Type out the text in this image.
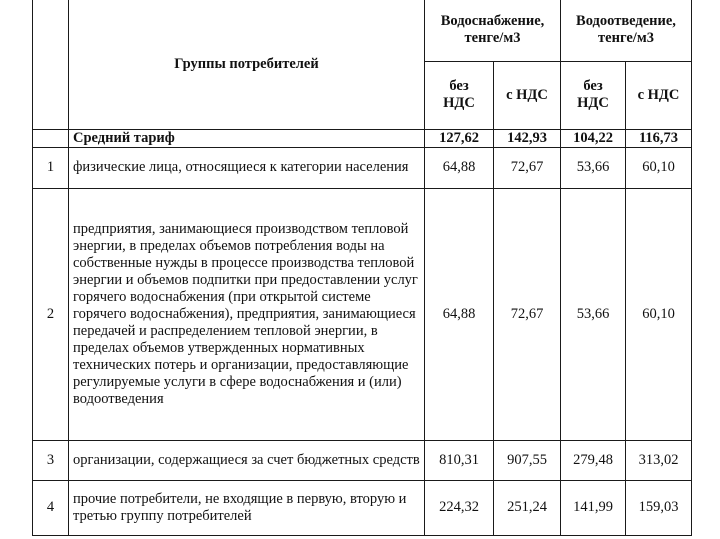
	Группы потребителей	Водоснабжение, тенге/м3		Водоотведение, тенге/м3	
		без НДС	с НДС	без НДС	с НДС
	Средний тариф	127,62	142,93	104,22	116,73
1	физические лица, относящиеся к категории населения	64,88	72,67	53,66	60,10
2	предприятия, занимающиеся производством тепловой энергии, в пределах объемов потребления воды на собственные нужды в процессе производства тепловой энергии и объемов подпитки при предоставлении услуг горячего водоснабжения (при открытой системе горячего водоснабжения), предприятия, занимающиеся передачей и распределением тепловой энергии, в пределах объемов утвержденных нормативных технических потерь и организации, предоставляющие регулируемые услуги в сфере водоснабжения и (или) водоотведения	64,88	72,67	53,66	60,10
3	организации, содержащиеся за счет бюджетных средств	810,31	907,55	279,48	313,02
4	прочие потребители, не входящие в первую, вторую и третью группу потребителей	224,32	251,24	141,99	159,03
